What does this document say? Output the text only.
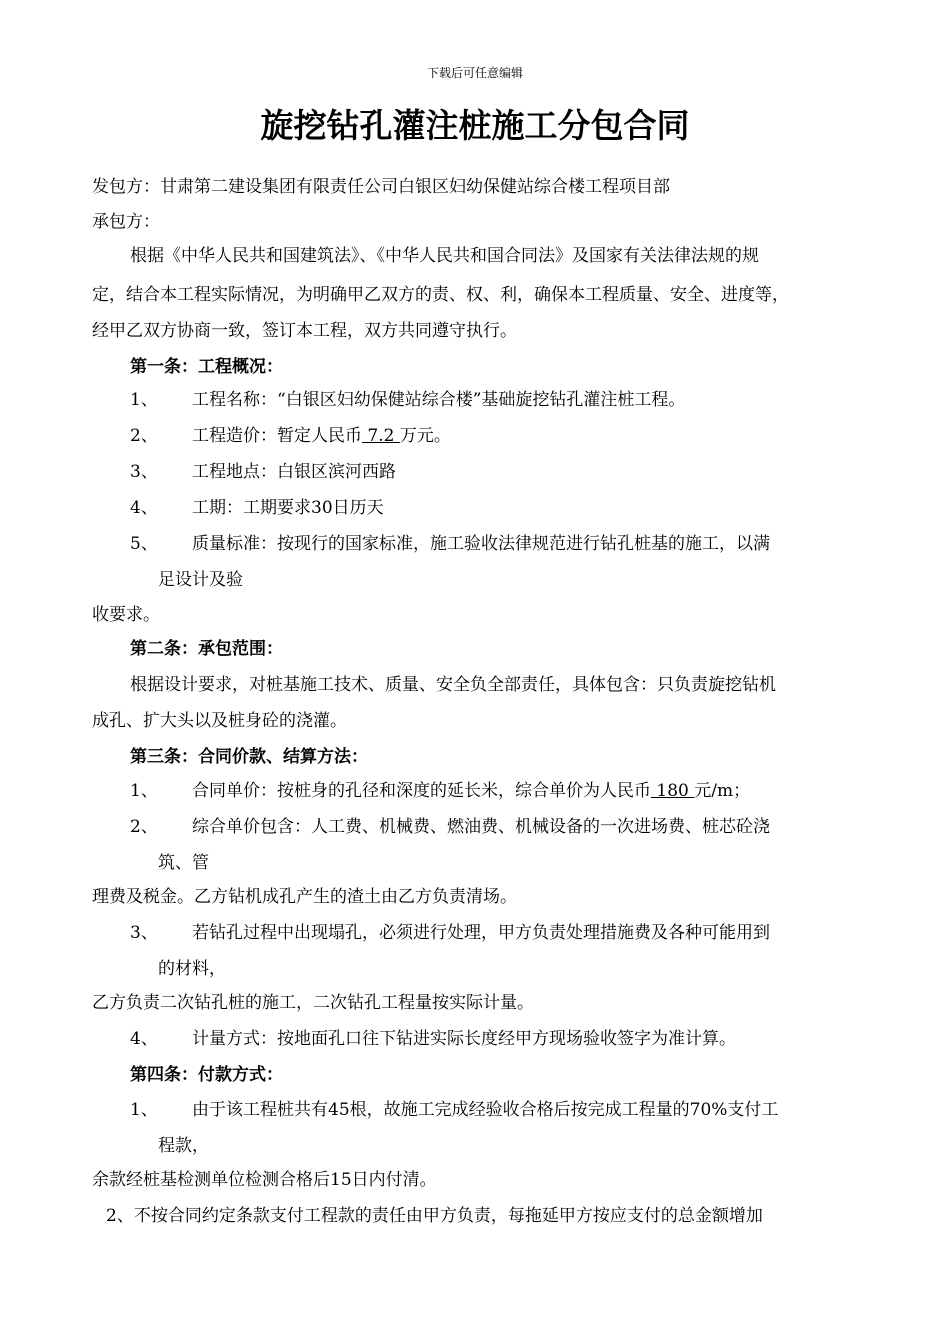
下载后可任意编辑
旋挖钻孔灌注桩施工分包合同
发包方：甘肃第二建设集团有限责任公司白银区妇幼保健站综合楼工程项目部
承包方：
根据《中华人民共和国建筑法》、《中华人民共和国合同法》及国家有关法律法规的规
定，结合本工程实际情况，为明确甲乙双方的责、权、利，确保本工程质量、安全、进度等，
经甲乙双方协商一致，签订本工程，双方共同遵守执行。
第一条：工程概况：
1、 工程名称：“白银区妇幼保健站综合楼”基础旋挖钻孔灌注桩工程。
2、 工程造价：暂定人民币 7.2 万元。
3、 工程地点：白银区滨河西路
4、 工期：工期要求30日历天
5、 质量标准：按现行的国家标准，施工验收法律规范进行钻孔桩基的施工，以满
足设计及验
收要求。
第二条：承包范围：
根据设计要求，对桩基施工技术、质量、安全负全部责任，具体包含：只负责旋挖钻机
成孔、扩大头以及桩身砼的浇灌。
第三条：合同价款、结算方法：
1、 合同单价：按桩身的孔径和深度的延长米，综合单价为人民币 180 元/m；
2、 综合单价包含：人工费、机械费、燃油费、机械设备的一次进场费、桩芯砼浇
筑、管
理费及税金。乙方钻机成孔产生的渣土由乙方负责清场。
3、 若钻孔过程中出现塌孔，必须进行处理，甲方负责处理措施费及各种可能用到
的材料，
乙方负责二次钻孔桩的施工，二次钻孔工程量按实际计量。
4、 计量方式：按地面孔口往下钻进实际长度经甲方现场验收签字为准计算。
第四条：付款方式：
1、 由于该工程桩共有45根，故施工完成经验收合格后按完成工程量的70%支付工
程款，
余款经桩基检测单位检测合格后15日内付清。
2、不按合同约定条款支付工程款的责任由甲方负责，每拖延甲方按应支付的总金额增加
